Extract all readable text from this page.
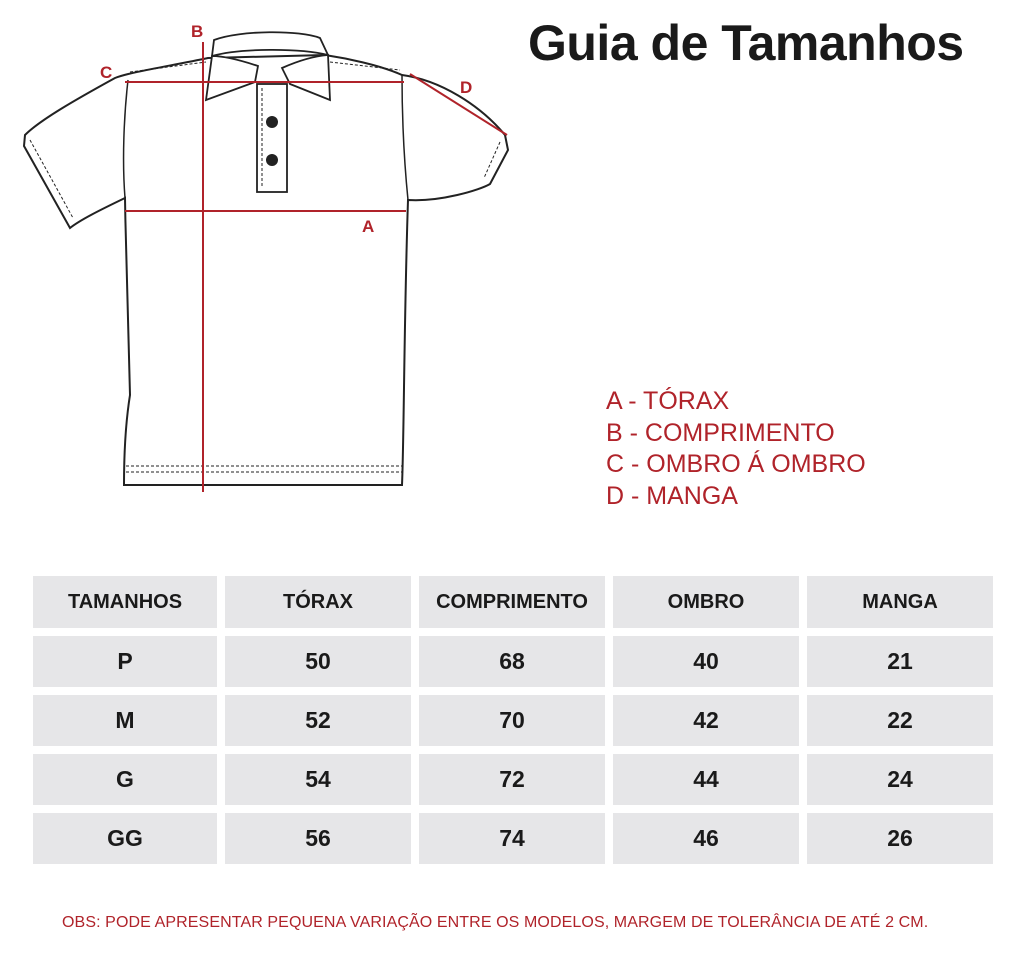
Guia de Tamanhos
B
C
D
A
A - TÓRAX
B - COMPRIMENTO
C - OMBRO Á OMBRO
D - MANGA
TAMANHOS	TÓRAX	COMPRIMENTO	OMBRO	MANGA
P	50	68	40	21
M	52	70	42	22
G	54	72	44	24
GG	56	74	46	26
OBS: PODE APRESENTAR PEQUENA VARIAÇÃO ENTRE OS MODELOS, MARGEM DE TOLERÂNCIA DE ATÉ 2 CM.
